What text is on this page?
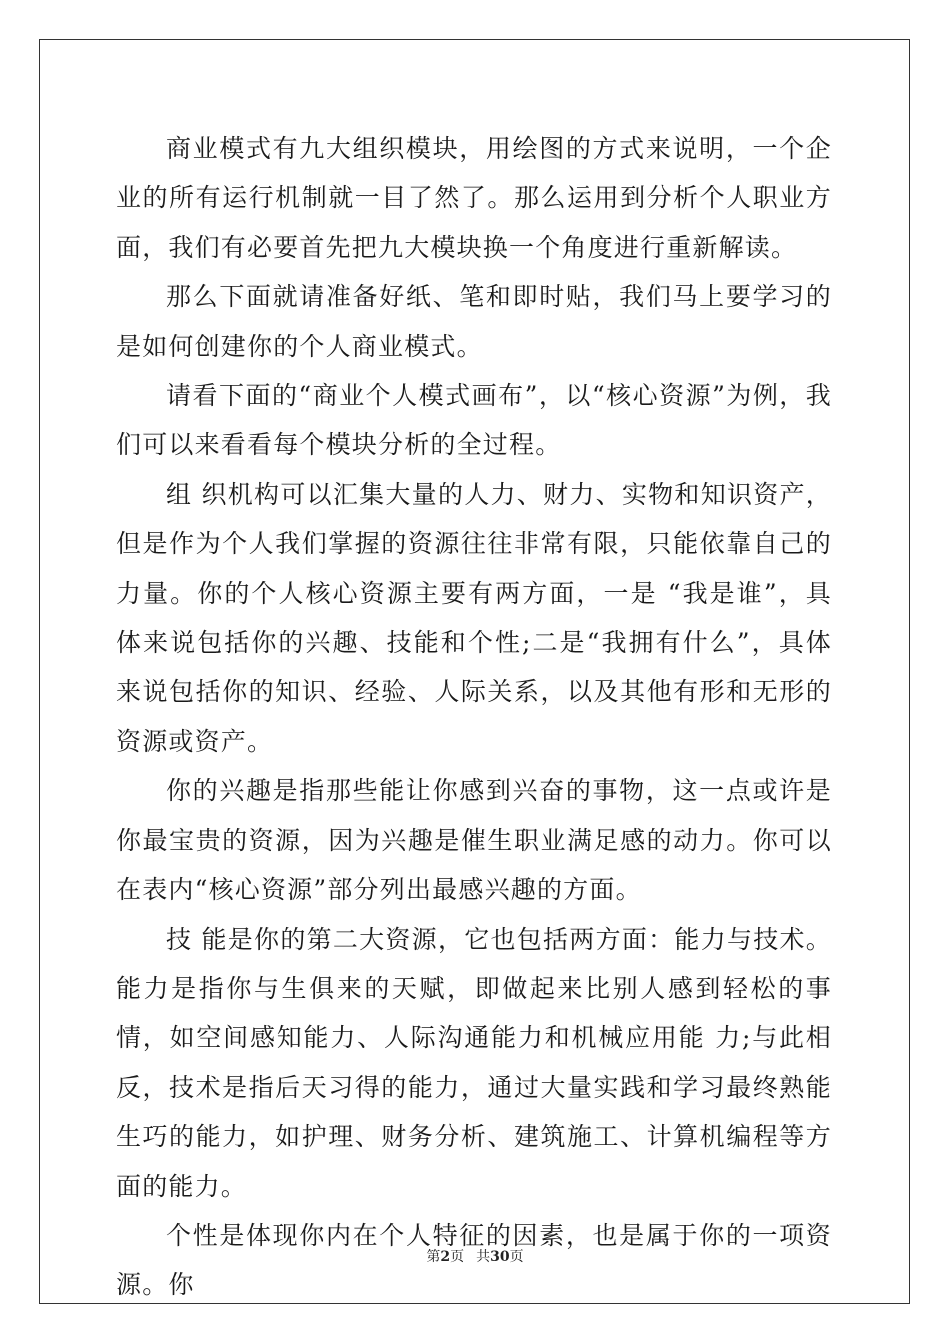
商业模式有九大组织模块，用绘图的方式来说明，一个企业的所有运行机制就一目了然了。那么运用到分析个人职业方面，我们有必要首先把九大模块换一个角度进行重新解读。

那么下面就请准备好纸、笔和即时贴，我们马上要学习的是如何创建你的个人商业模式。

请看下面的“商业个人模式画布”，以“核心资源”为例，我们可以来看看每个模块分析的全过程。

组 织机构可以汇集大量的人力、财力、实物和知识资产，但是作为个人我们掌握的资源往往非常有限，只能依靠自己的力量。你的个人核心资源主要有两方面，一是 “我是谁”，具体来说包括你的兴趣、技能和个性;二是“我拥有什么”，具体来说包括你的知识、经验、人际关系，以及其他有形和无形的资源或资产。

你的兴趣是指那些能让你感到兴奋的事物，这一点或许是你最宝贵的资源，因为兴趣是催生职业满足感的动力。你可以在表内“核心资源”部分列出最感兴趣的方面。

技 能是你的第二大资源，它也包括两方面：能力与技术。能力是指你与生俱来的天赋，即做起来比别人感到轻松的事情，如空间感知能力、人际沟通能力和机械应用能 力;与此相反，技术是指后天习得的能力，通过大量实践和学习最终熟能生巧的能力，如护理、财务分析、建筑施工、计算机编程等方面的能力。

个性是体现你内在个人特征的因素，也是属于你的一项资源。你

第2页 共30页
